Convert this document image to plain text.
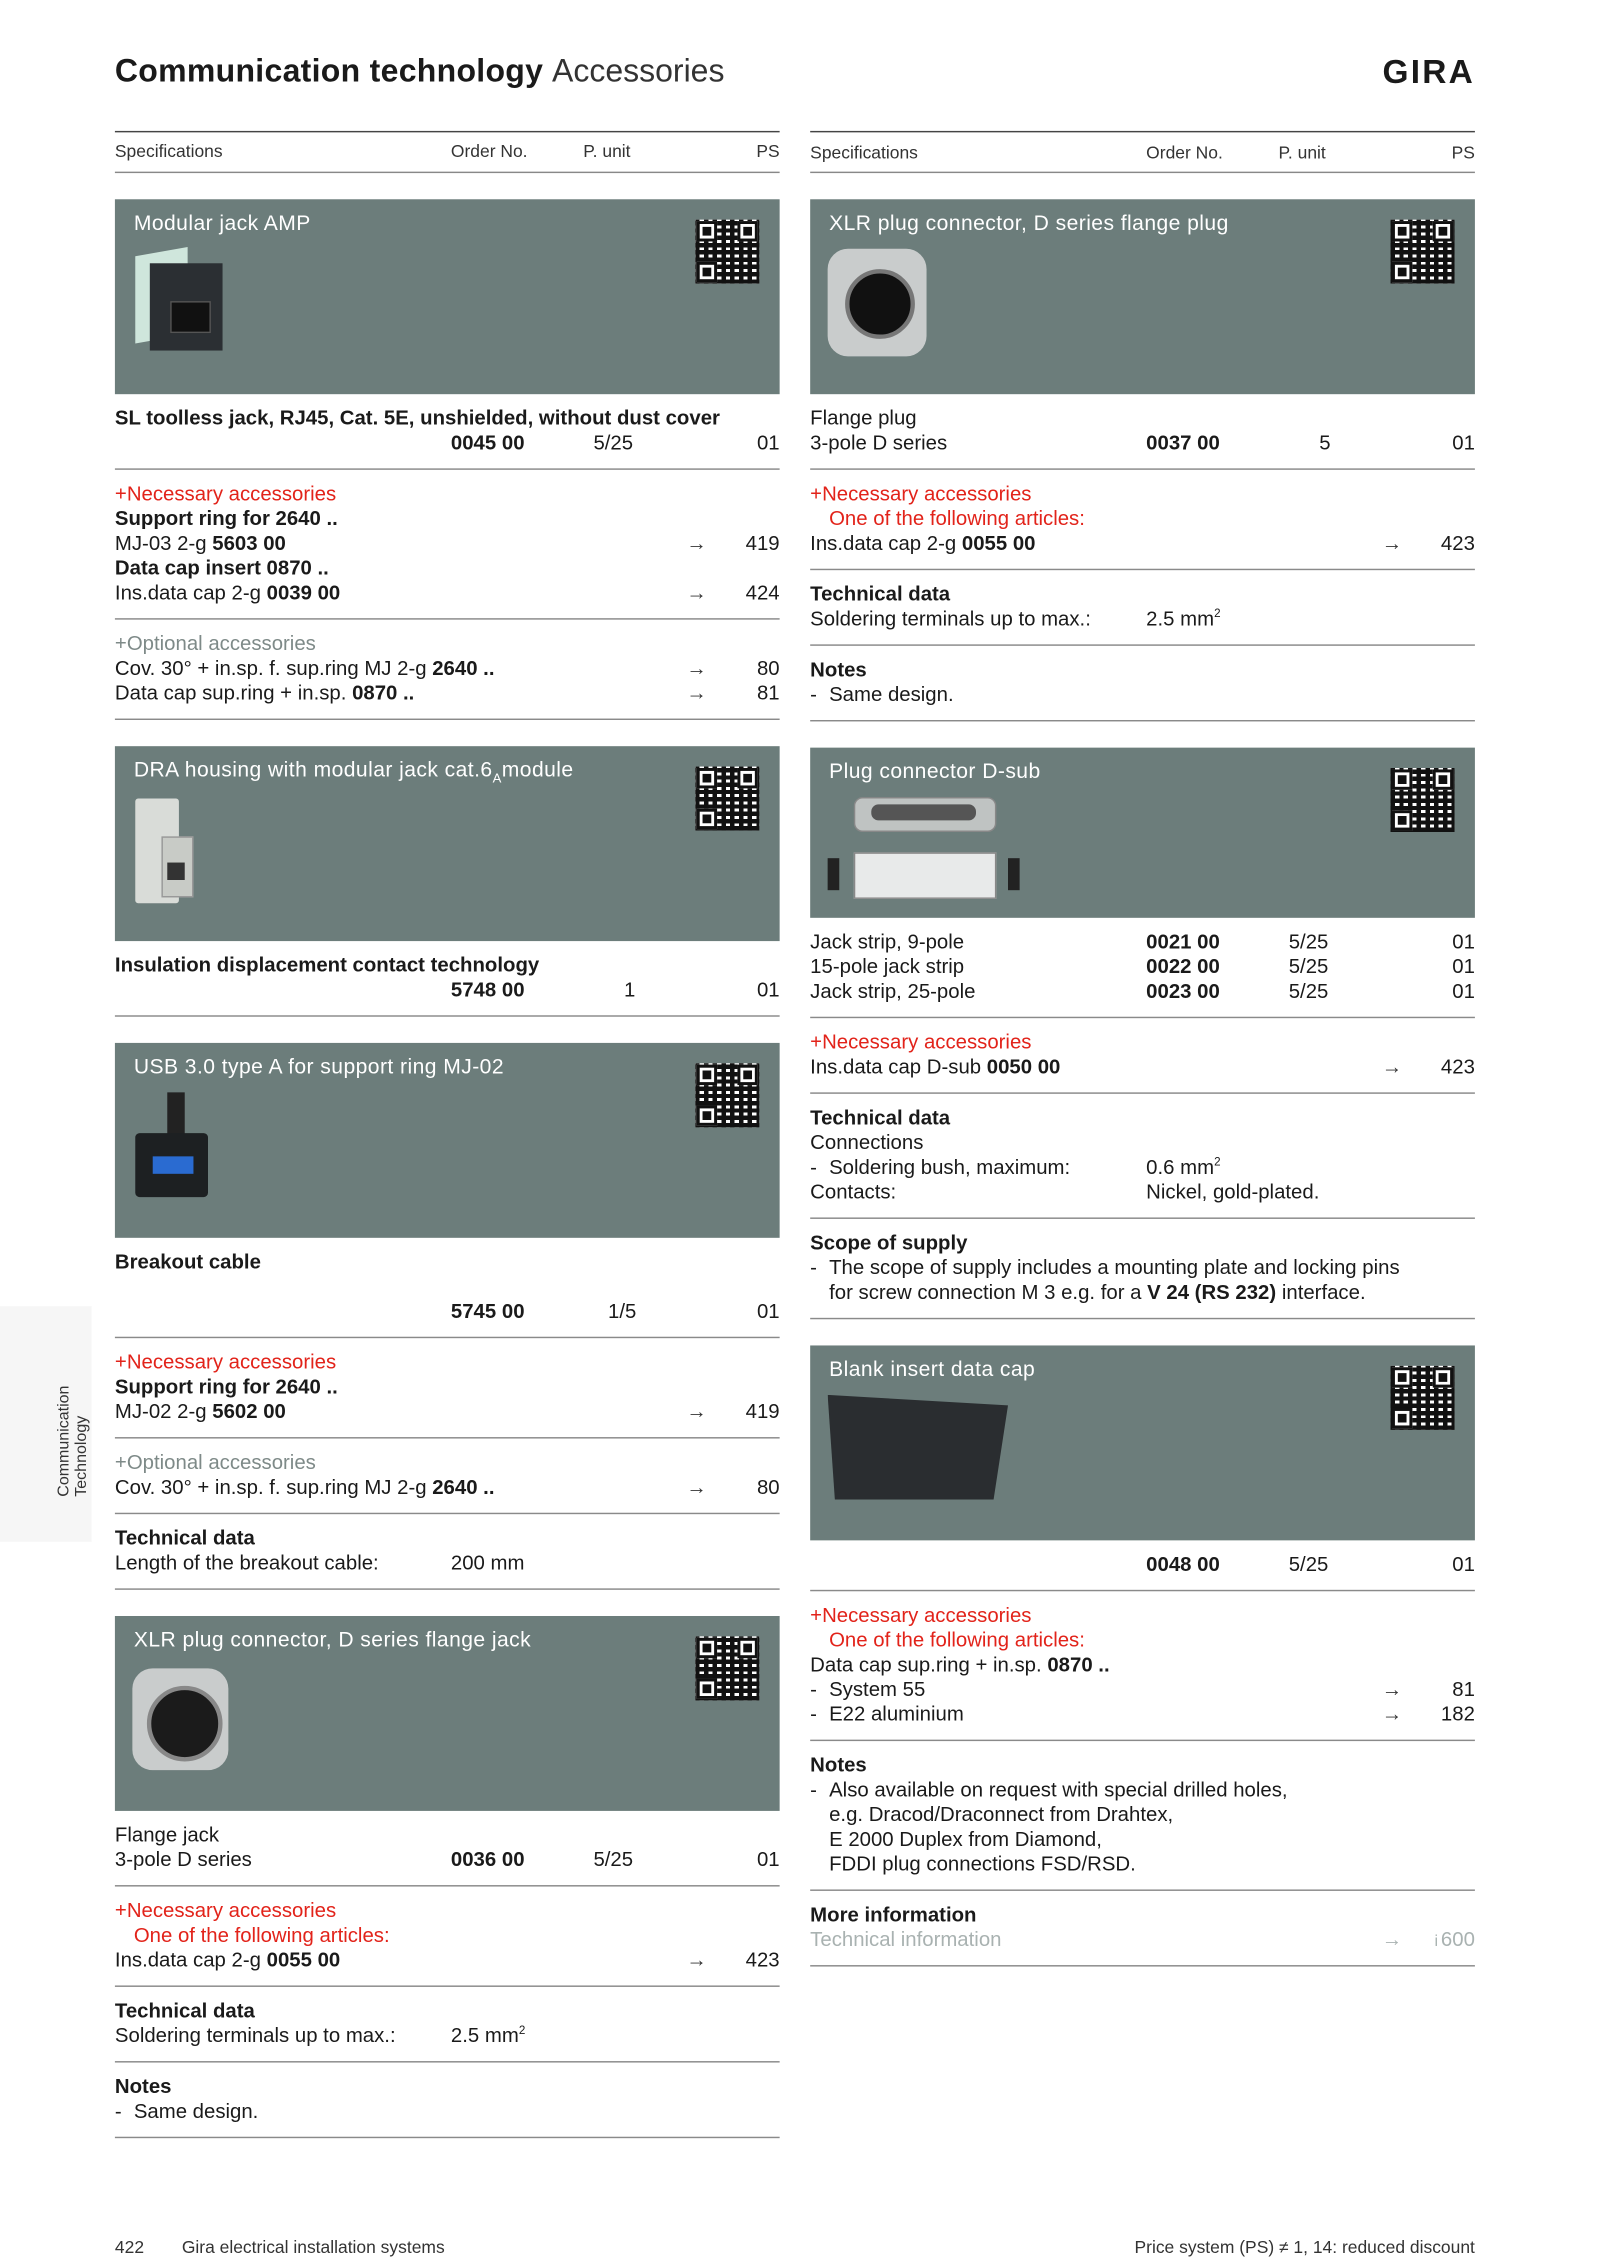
Communication technology Accessories	GIRA
Communication
Technology
Specifications	Order No.	P. unit	PS
Modular jack AMP
SL toolless jack, RJ45, Cat. 5E, unshielded, without dust cover
0045 00	5/25	01
+Necessary accessories
Support ring for 2640 ..
MJ-03 2-g 5603 00	→	419
Data cap insert 0870 ..
Ins.data cap 2-g 0039 00	→	424
+Optional accessories
Cov. 30° + in.sp. f. sup.ring MJ 2-g 2640 ..	→	80
Data cap sup.ring + in.sp. 0870 ..	→	81
DRA housing with modular jack $cat.6_Amodule$
Insulation displacement contact technology
5748 00	1	01
USB 3.0 type A for support ring MJ-02
Breakout cable
5745 00	1/5	01
+Necessary accessories
Support ring for 2640 ..
MJ-02 2-g 5602 00	→	419
+Optional accessories
Cov. 30° + in.sp. f. sup.ring MJ 2-g 2640 ..	→	80
Technical data
Length of the breakout cable:	200 mm
XLR plug connector, D series flange jack
Flange jack
3-pole D series	0036 00	5/25	01
+Necessary accessories
One of the following articles:
Ins.data cap 2-g 0055 00	→	423
Technical data
Soldering terminals up to max.:	2.5 $mm^2$
Notes
- Same design.
Specifications	Order No.	P. unit	PS
XLR plug connector, D series flange plug
Flange plug
3-pole D series	0037 00	5	01
+Necessary accessories
One of the following articles:
Ins.data cap 2-g 0055 00	→	423
Technical data
Soldering terminals up to max.:	2.5 $mm^2$
Notes
- Same design.
Plug connector D-sub
Jack strip, 9-pole	0021 00	5/25	01
15-pole jack strip	0022 00	5/25	01
Jack strip, 25-pole	0023 00	5/25	01
+Necessary accessories
Ins.data cap D-sub 0050 00	→	423
Technical data
Connections
- Soldering bush, maximum:	0.6 $mm^2$
Contacts:	Nickel, gold-plated.
Scope of supply
- The scope of supply includes a mounting plate and locking pins
for screw connection M 3 e.g. for a V 24 (RS 232) interface.
Blank insert data cap
0048 00	5/25	01
+Necessary accessories
One of the following articles:
Data cap sup.ring + in.sp. 0870 ..
- System 55	→	81
- E22 aluminium	→	182
Notes
- Also available on request with special drilled holes,
e.g. Dracod/Draconnect from Drahtex,
E 2000 Duplex from Diamond,
FDDI plug connections FSD/RSD.
More information
Technical information	→	i 600
422	Gira electrical installation systems	Price system (PS) ≠ 1, 14: reduced discount
